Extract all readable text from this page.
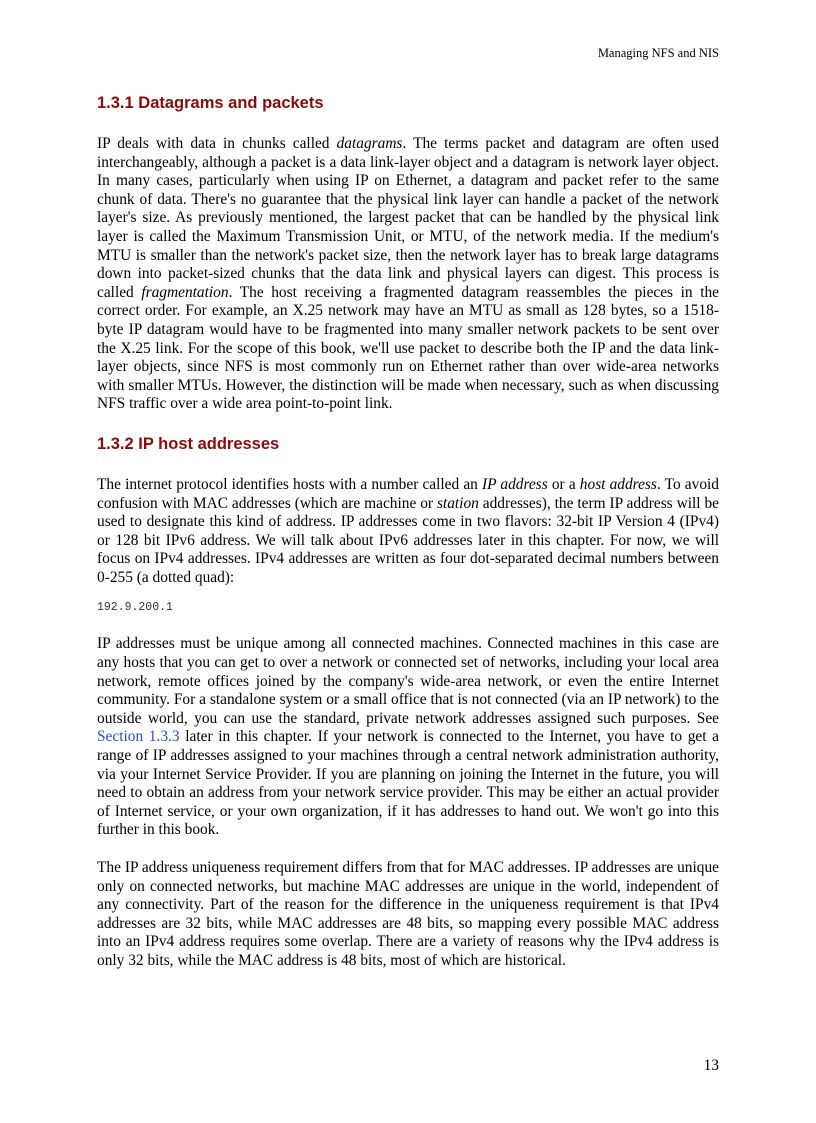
Managing NFS and NIS
1.3.1 Datagrams and packets

IP deals with data in chunks called datagrams. The terms packet and datagram are often used interchangeably, although a packet is a data link-layer object and a datagram is network layer object. In many cases, particularly when using IP on Ethernet, a datagram and packet refer to the same chunk of data. There's no guarantee that the physical link layer can handle a packet of the network layer's size. As previously mentioned, the largest packet that can be handled by the physical link layer is called the Maximum Transmission Unit, or MTU, of the network media. If the medium's MTU is smaller than the network's packet size, then the network layer has to break large datagrams down into packet-sized chunks that the data link and physical layers can digest. This process is called fragmentation. The host receiving a fragmented datagram reassembles the pieces in the correct order. For example, an X.25 network may have an MTU as small as 128 bytes, so a 1518-byte IP datagram would have to be fragmented into many smaller network packets to be sent over the X.25 link. For the scope of this book, we'll use packet to describe both the IP and the data link-layer objects, since NFS is most commonly run on Ethernet rather than over wide-area networks with smaller MTUs. However, the distinction will be made when necessary, such as when discussing NFS traffic over a wide area point-to-point link.

1.3.2 IP host addresses

The internet protocol identifies hosts with a number called an IP address or a host address. To avoid confusion with MAC addresses (which are machine or station addresses), the term IP address will be used to designate this kind of address. IP addresses come in two flavors: 32-bit IP Version 4 (IPv4) or 128 bit IPv6 address. We will talk about IPv6 addresses later in this chapter. For now, we will focus on IPv4 addresses. IPv4 addresses are written as four dot-separated decimal numbers between 0-255 (a dotted quad):

192.9.200.1

IP addresses must be unique among all connected machines. Connected machines in this case are any hosts that you can get to over a network or connected set of networks, including your local area network, remote offices joined by the company's wide-area network, or even the entire Internet community. For a standalone system or a small office that is not connected (via an IP network) to the outside world, you can use the standard, private network addresses assigned such purposes. See Section 1.3.3 later in this chapter. If your network is connected to the Internet, you have to get a range of IP addresses assigned to your machines through a central network administration authority, via your Internet Service Provider. If you are planning on joining the Internet in the future, you will need to obtain an address from your network service provider. This may be either an actual provider of Internet service, or your own organization, if it has addresses to hand out. We won't go into this further in this book.

The IP address uniqueness requirement differs from that for MAC addresses. IP addresses are unique only on connected networks, but machine MAC addresses are unique in the world, independent of any connectivity. Part of the reason for the difference in the uniqueness requirement is that IPv4 addresses are 32 bits, while MAC addresses are 48 bits, so mapping every possible MAC address into an IPv4 address requires some overlap. There are a variety of reasons why the IPv4 address is only 32 bits, while the MAC address is 48 bits, most of which are historical.

13
